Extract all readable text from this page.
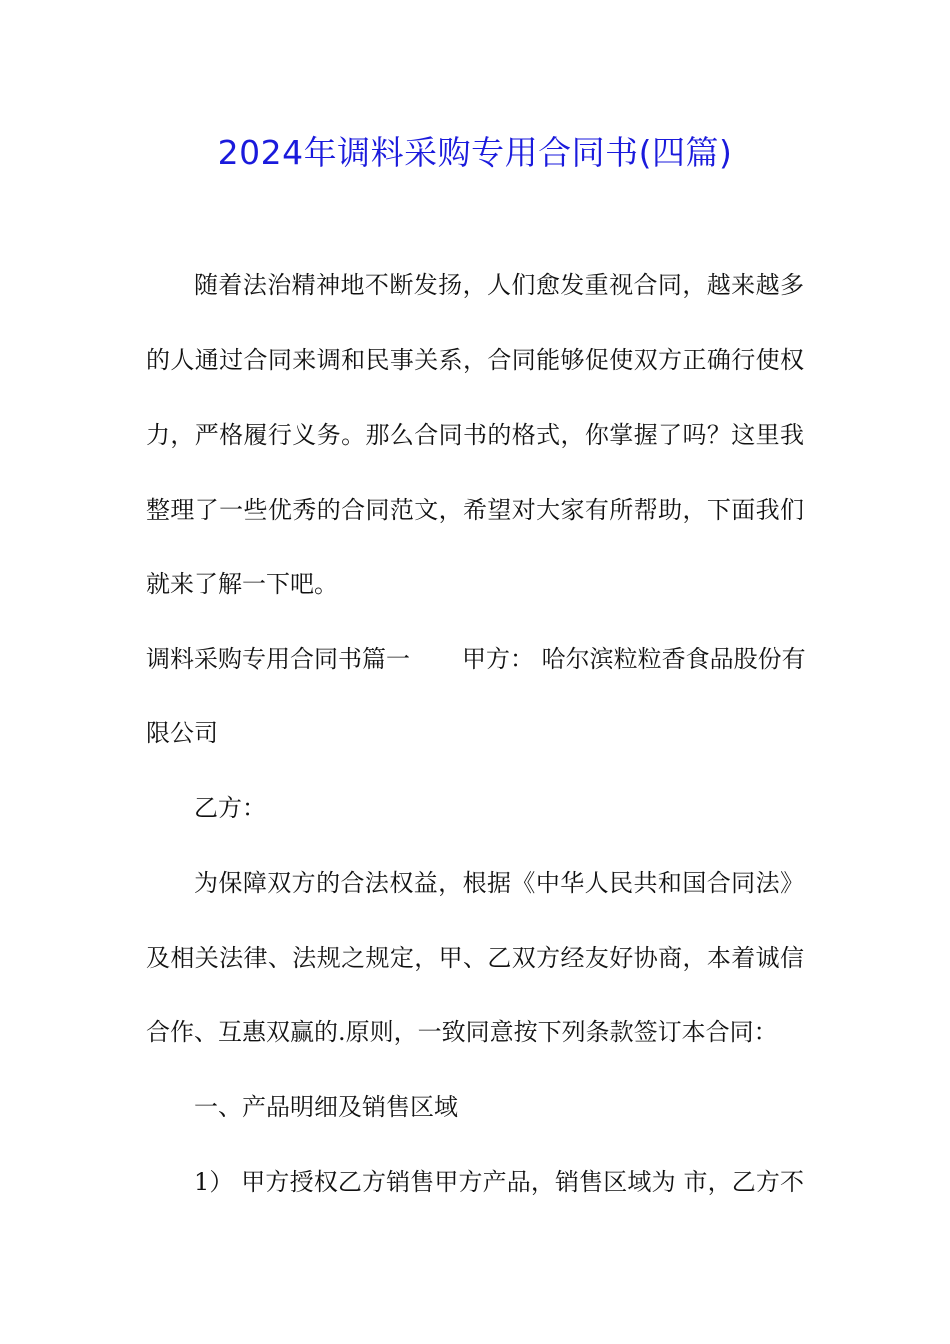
2024年调料采购专用合同书(四篇)
随着法治精神地不断发扬，人们愈发重视合同，越来越多
的人通过合同来调和民事关系，合同能够促使双方正确行使权
力，严格履行义务。那么合同书的格式，你掌握了吗？这里我
整理了一些优秀的合同范文，希望对大家有所帮助，下面我们
就来了解一下吧。
调料采购专用合同书篇一 甲方： 哈尔滨粒粒香食品股份有
限公司
乙方：
为保障双方的合法权益，根据《中华人民共和国合同法》
及相关法律、法规之规定，甲、乙双方经友好协商，本着诚信
合作、互惠双赢的.原则，一致同意按下列条款签订本合同：
一、产品明细及销售区域
1） 甲方授权乙方销售甲方产品，销售区域为 市，乙方不
